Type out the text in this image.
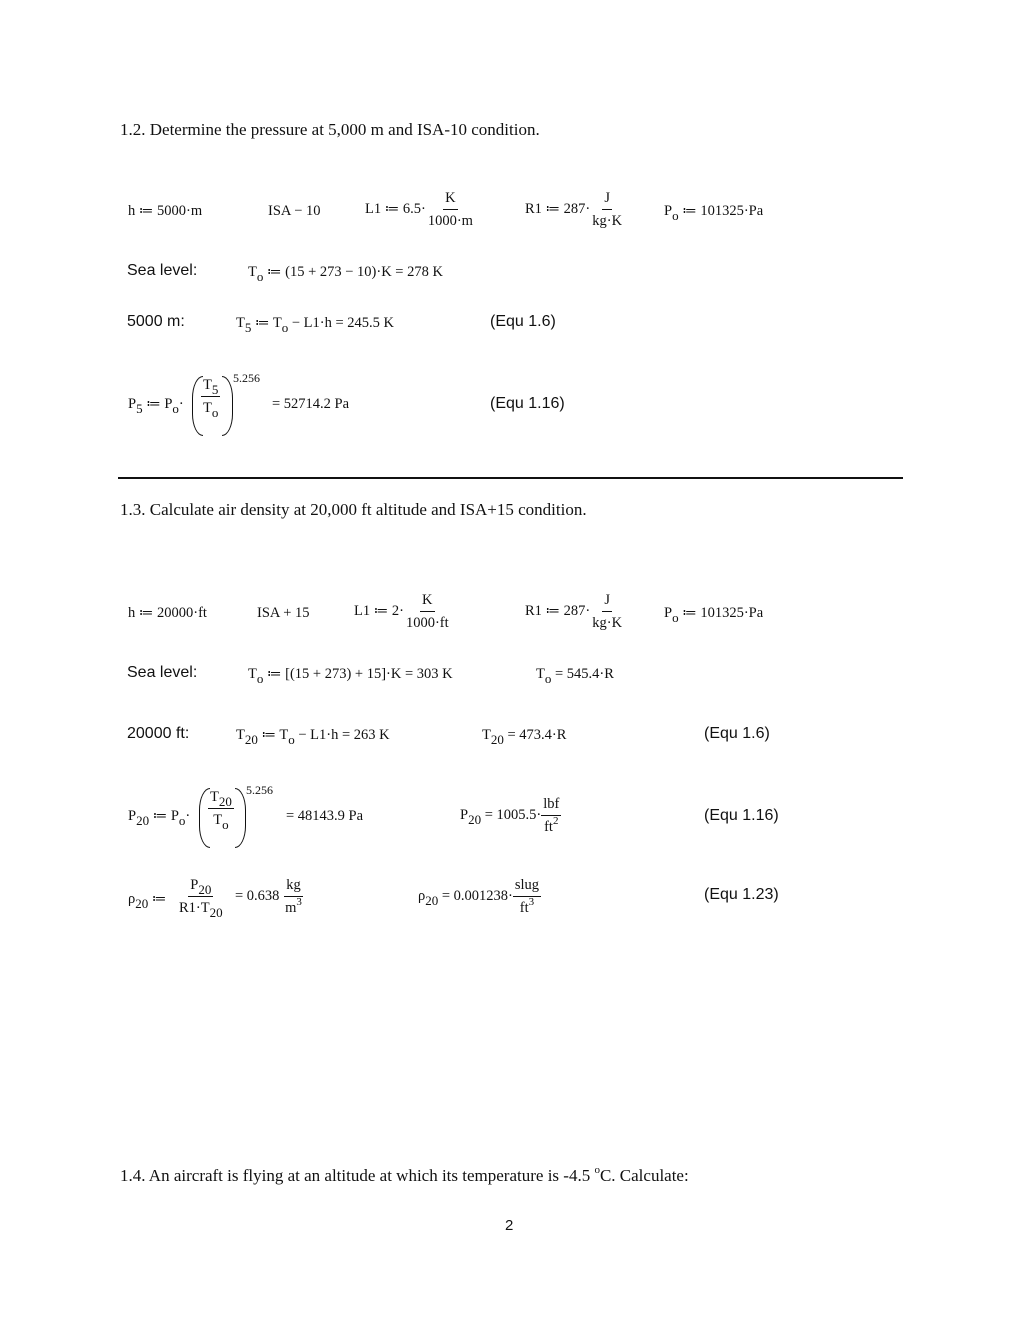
1.2. Determine the pressure at 5,000 m and ISA-10 condition.
h ≔ 5000·m	ISA − 10	L1 ≔ $6.5\cdot \frac{K}{1000\cdot m}$	R1 ≔ $287\cdot \frac{J}{kg\cdot K}$	$P_o$ ≔ 101325·Pa
Sea level:	$T_o$ ≔ (15 + 273 − 10)·K = 278 K
5000 m:	$T_5$ ≔ $T_o - L1\cdot h = 245.5$ K	(Equ 1.6)
$P_5$ ≔ $P_o\cdot \frac{T_5}{T_o} 5.256$
= 52714.2 Pa	(Equ 1.16)
1.3. Calculate air density at 20,000 ft altitude and ISA+15 condition.
h ≔ 20000·ft	ISA + 15	L1 ≔ $2\cdot \frac{K}{1000\cdot ft}$	R1 ≔ $287\cdot \frac{J}{kg\cdot K}$	$P_o$ ≔ 101325·Pa
Sea level:	$T_o$ ≔ [(15 + 273) + 15]·K = 303 K	$T_o = 545.4\cdot R$
20000 ft:	$T_{20}$ ≔ $T_o - L1\cdot h = 263$ K	$T_{20} = 473.4\cdot R$	(Equ 1.6)
$P_{20}$ ≔ $P_o\cdot \frac{T_{20}}{T_o} 5.256$
= 48143.9 Pa	$P_{20} = 1005.5\cdot \frac{\text{lbf}}{ft^2}$	(Equ 1.16)
$\rho_{20}$ ≔ $\frac{P_{20}}{R1\cdot T_{20}} = 0.638 \frac{kg}{m^3}$	$\rho_{20} = 0.001238\cdot \frac{\text{slug}}{ft^3}$	(Equ 1.23)
1.4. An aircraft is flying at an altitude at which its temperature is -4.5 $^o$C. Calculate:
2
